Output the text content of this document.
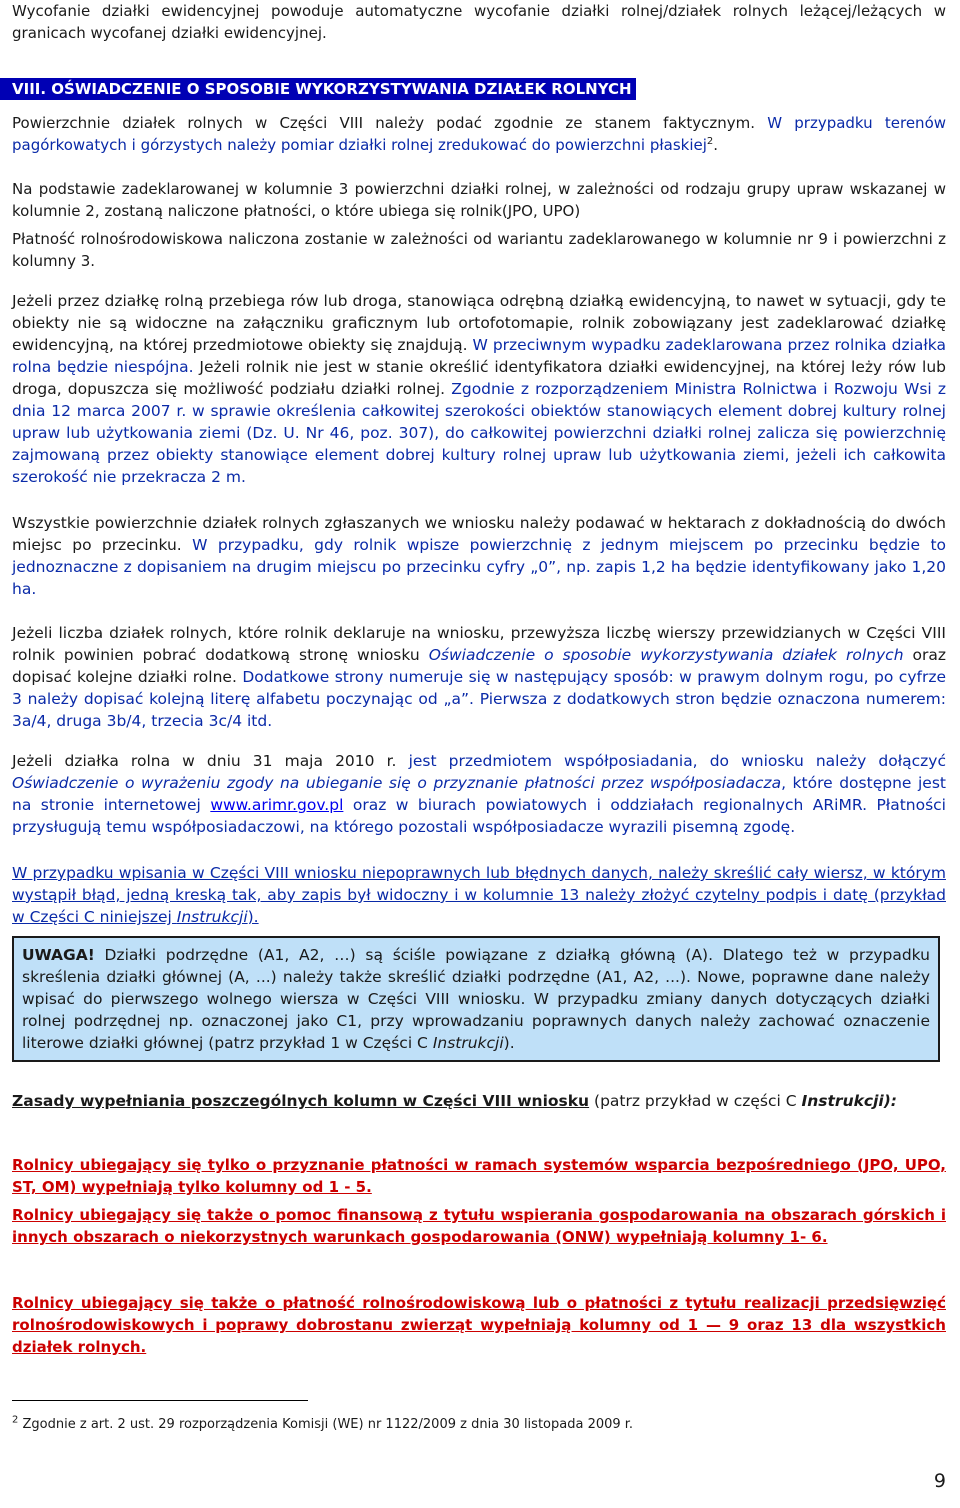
Wycofanie działki ewidencyjnej powoduje automatyczne wycofanie działki rolnej/działek rolnych leżącej/leżących w granicach wycofanej działki ewidencyjnej.

VIII. OŚWIADCZENIE O SPOSOBIE WYKORZYSTYWANIA DZIAŁEK ROLNYCH

Powierzchnie działek rolnych w Części VIII należy podać zgodnie ze stanem faktycznym. W przypadku terenów pagórkowatych i górzystych należy pomiar działki rolnej zredukować do powierzchni płaskiej$^2$.

Na podstawie zadeklarowanej w kolumnie 3 powierzchni działki rolnej, w zależności od rodzaju grupy upraw wskazanej w kolumnie 2, zostaną naliczone płatności, o które ubiega się rolnik(JPO, UPO)

Płatność rolnośrodowiskowa naliczona zostanie w zależności od wariantu zadeklarowanego w kolumnie nr 9 i powierzchni z kolumny 3.

Jeżeli przez działkę rolną przebiega rów lub droga, stanowiąca odrębną działką ewidencyjną, to nawet w sytuacji, gdy te obiekty nie są widoczne na załączniku graficznym lub ortofotomapie, rolnik zobowiązany jest zadeklarować działkę ewidencyjną, na której przedmiotowe obiekty się znajdują. W przeciwnym wypadku zadeklarowana przez rolnika działka rolna będzie niespójna. Jeżeli rolnik nie jest w stanie określić identyfikatora działki ewidencyjnej, na której leży rów lub droga, dopuszcza się możliwość podziału działki rolnej. Zgodnie z rozporządzeniem Ministra Rolnictwa i Rozwoju Wsi z dnia 12 marca 2007 r. w sprawie określenia całkowitej szerokości obiektów stanowiących element dobrej kultury rolnej upraw lub użytkowania ziemi (Dz. U. Nr 46, poz. 307), do całkowitej powierzchni działki rolnej zalicza się powierzchnię zajmowaną przez obiekty stanowiące element dobrej kultury rolnej upraw lub użytkowania ziemi, jeżeli ich całkowita szerokość nie przekracza 2 m.

Wszystkie powierzchnie działek rolnych zgłaszanych we wniosku należy podawać w hektarach z dokładnością do dwóch miejsc po przecinku. W przypadku, gdy rolnik wpisze powierzchnię z jednym miejscem po przecinku będzie to jednoznaczne z dopisaniem na drugim miejscu po przecinku cyfry „0”, np. zapis 1,2 ha będzie identyfikowany jako 1,20 ha.

Jeżeli liczba działek rolnych, które rolnik deklaruje na wniosku, przewyższa liczbę wierszy przewidzianych w Części VIII rolnik powinien pobrać dodatkową stronę wniosku Oświadczenie o sposobie wykorzystywania działek rolnych oraz dopisać kolejne działki rolne. Dodatkowe strony numeruje się w następujący sposób: w prawym dolnym rogu, po cyfrze 3 należy dopisać kolejną literę alfabetu poczynając od „a”. Pierwsza z dodatkowych stron będzie oznaczona numerem: 3a/4, druga 3b/4, trzecia 3c/4 itd.

Jeżeli działka rolna w dniu 31 maja 2010 r. jest przedmiotem współposiadania, do wniosku należy dołączyć Oświadczenie o wyrażeniu zgody na ubieganie się o przyznanie płatności przez współposiadacza, które dostępne jest na stronie internetowej www.arimr.gov.pl oraz w biurach powiatowych i oddziałach regionalnych ARiMR. Płatności przysługują temu współposiadaczowi, na którego pozostali współposiadacze wyrazili pisemną zgodę.

W przypadku wpisania w Części VIII wniosku niepoprawnych lub błędnych danych, należy skreślić cały wiersz, w którym wystąpił błąd, jedną kreską tak, aby zapis był widoczny i w kolumnie 13 należy złożyć czytelny podpis i datę (przykład w Części C niniejszej Instrukcji).

UWAGA! Działki podrzędne (A1, A2, …) są ściśle powiązane z działką główną (A). Dlatego też w przypadku skreślenia działki głównej (A, ...) należy także skreślić działki podrzędne (A1, A2, ...). Nowe, poprawne dane należy wpisać do pierwszego wolnego wiersza w Części VIII wniosku. W przypadku zmiany danych dotyczących działki rolnej podrzędnej np. oznaczonej jako C1, przy wprowadzaniu poprawnych danych należy zachować oznaczenie literowe działki głównej (patrz przykład 1 w Części C Instrukcji).

Zasady wypełniania poszczególnych kolumn w Części VIII wniosku (patrz przykład w części C Instrukcji):

Rolnicy ubiegający się tylko o przyznanie płatności w ramach systemów wsparcia bezpośredniego (JPO, UPO, ST, OM) wypełniają tylko kolumny od 1 - 5.

Rolnicy ubiegający się także o pomoc finansową z tytułu wspierania gospodarowania na obszarach górskich i innych obszarach o niekorzystnych warunkach gospodarowania (ONW) wypełniają kolumny 1- 6.

Rolnicy ubiegający się także o płatność rolnośrodowiskową lub o płatności z tytułu realizacji przedsięwzięć rolnośrodowiskowych i poprawy dobrostanu zwierząt wypełniają kolumny od 1 — 9 oraz 13 dla wszystkich działek rolnych.

$^2$ Zgodnie z art. 2 ust. 29 rozporządzenia Komisji (WE) nr 1122/2009 z dnia 30 listopada 2009 r.
9
